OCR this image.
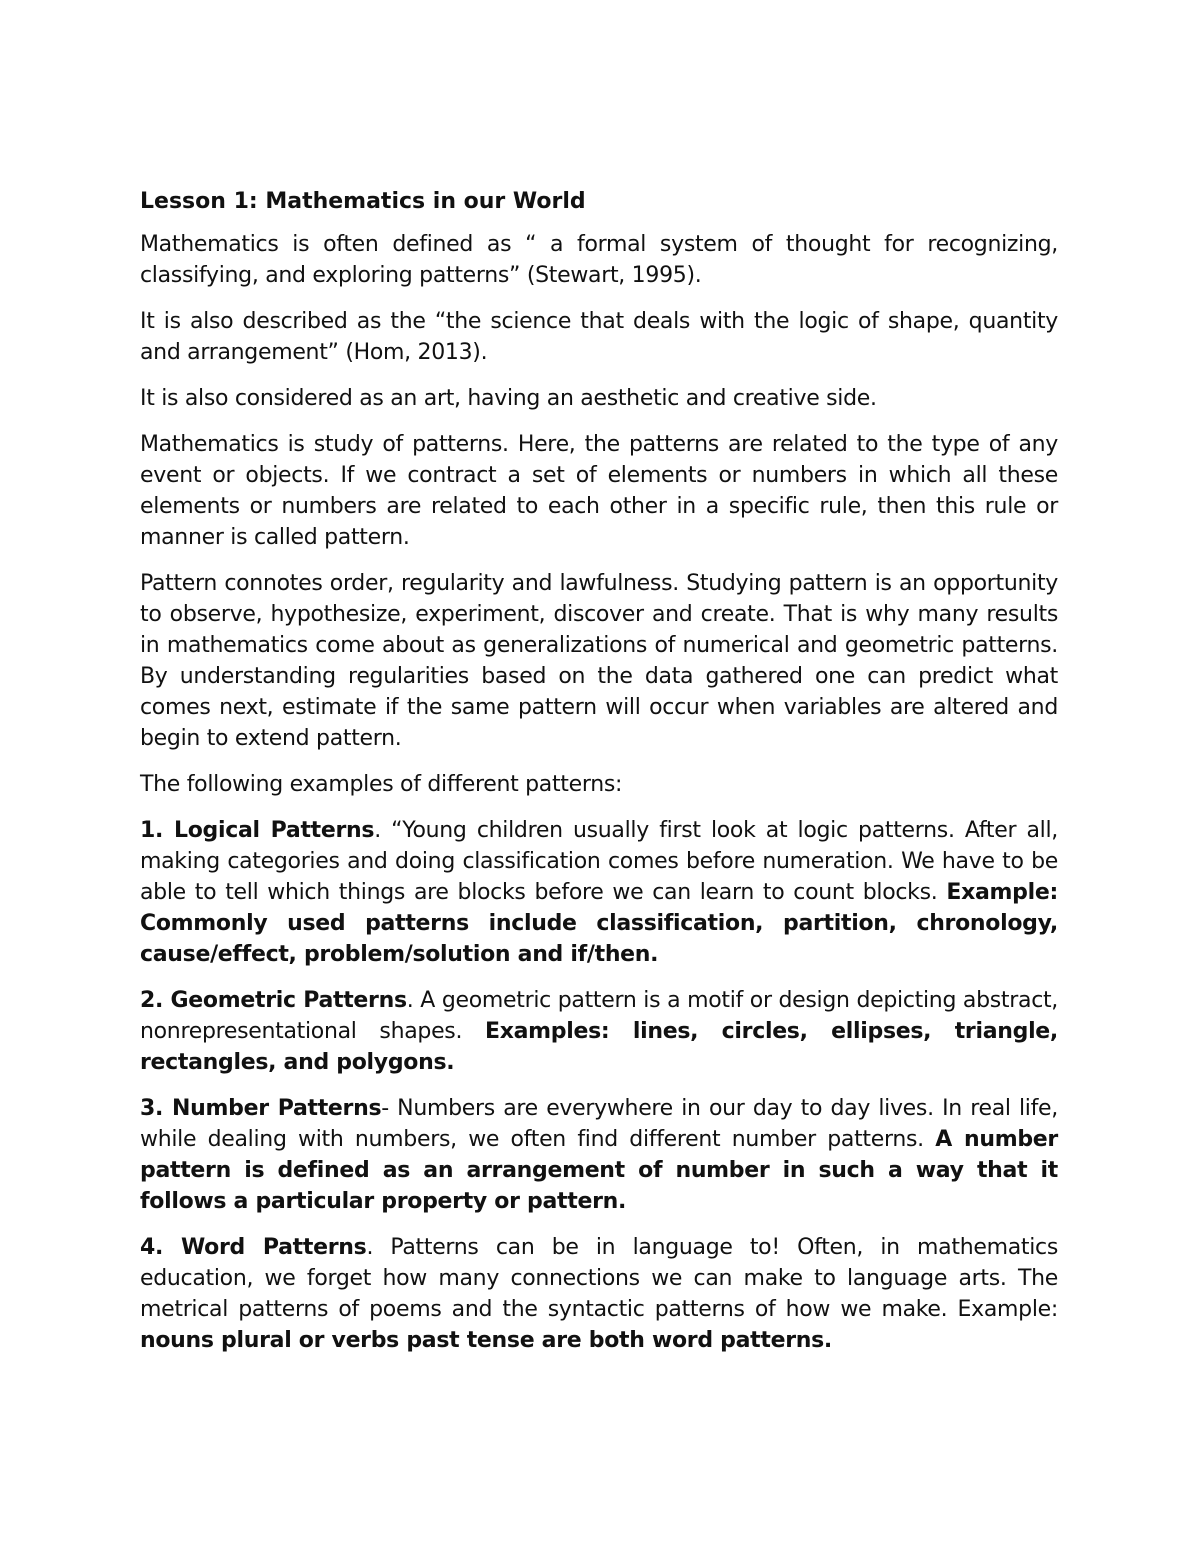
Lesson 1: Mathematics in our World

Mathematics is often defined as “ a formal system of thought for recognizing, classifying, and exploring patterns” (Stewart, 1995).

It is also described as the “the science that deals with the logic of shape, quantity and arrangement” (Hom, 2013).

It is also considered as an art, having an aesthetic and creative side.

Mathematics is study of patterns. Here, the patterns are related to the type of any event or objects. If we contract a set of elements or numbers in which all these elements or numbers are related to each other in a specific rule, then this rule or manner is called pattern.

Pattern connotes order, regularity and lawfulness. Studying pattern is an opportunity to observe, hypothesize, experiment, discover and create. That is why many results in mathematics come about as generalizations of numerical and geometric patterns. By understanding regularities based on the data gathered one can predict what comes next, estimate if the same pattern will occur when variables are altered and begin to extend pattern.

The following examples of different patterns:

1. Logical Patterns. “Young children usually first look at logic patterns. After all, making categories and doing classification comes before numeration. We have to be able to tell which things are blocks before we can learn to count blocks. Example: Commonly used patterns include classification, partition, chronology, cause/effect, problem/solution and if/then.

2. Geometric Patterns. A geometric pattern is a motif or design depicting abstract, nonrepresentational shapes. Examples: lines, circles, ellipses, triangle, rectangles, and polygons.

3. Number Patterns- Numbers are everywhere in our day to day lives. In real life, while dealing with numbers, we often find different number patterns. A number pattern is defined as an arrangement of number in such a way that it follows a particular property or pattern.

4. Word Patterns. Patterns can be in language to! Often, in mathematics education, we forget how many connections we can make to language arts. The metrical patterns of poems and the syntactic patterns of how we make. Example: nouns plural or verbs past tense are both word patterns.
